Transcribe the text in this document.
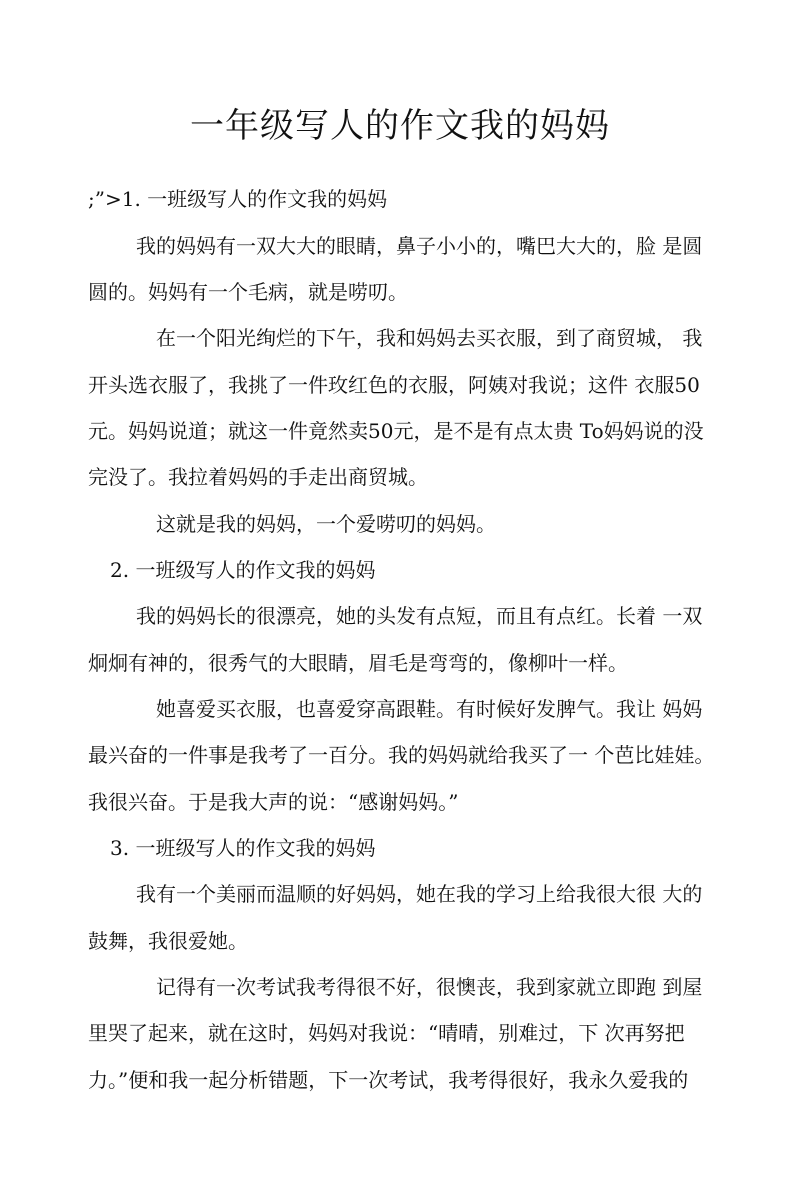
一年级写人的作文我的妈妈
;”>1. 一班级写人的作文我的妈妈
我的妈妈有一双大大的眼睛，鼻子小小的，嘴巴大大的，脸 是圆
圆的。妈妈有一个毛病，就是唠叨。
在一个阳光绚烂的下午，我和妈妈去买衣服，到了商贸城， 我
开头选衣服了，我挑了一件玫红色的衣服，阿姨对我说；这件 衣服50
元。妈妈说道；就这一件竟然卖50元，是不是有点太贵 To妈妈说的没
完没了。我拉着妈妈的手走出商贸城。
这就是我的妈妈，一个爱唠叨的妈妈。
2. 一班级写人的作文我的妈妈
我的妈妈长的很漂亮，她的头发有点短，而且有点红。长着 一双
炯炯有神的，很秀气的大眼睛，眉毛是弯弯的，像柳叶一样。
她喜爱买衣服，也喜爱穿高跟鞋。有时候好发脾气。我让 妈妈
最兴奋的一件事是我考了一百分。我的妈妈就给我买了一 个芭比娃娃。
我很兴奋。于是我大声的说：“感谢妈妈。”
3. 一班级写人的作文我的妈妈
我有一个美丽而温顺的好妈妈，她在我的学习上给我很大很 大的
鼓舞，我很爱她。
记得有一次考试我考得很不好，很懊丧，我到家就立即跑 到屋
里哭了起来，就在这时，妈妈对我说：“晴晴，别难过，下 次再努把
力。”便和我一起分析错题，下一次考试，我考得很好，我永久爱我的
